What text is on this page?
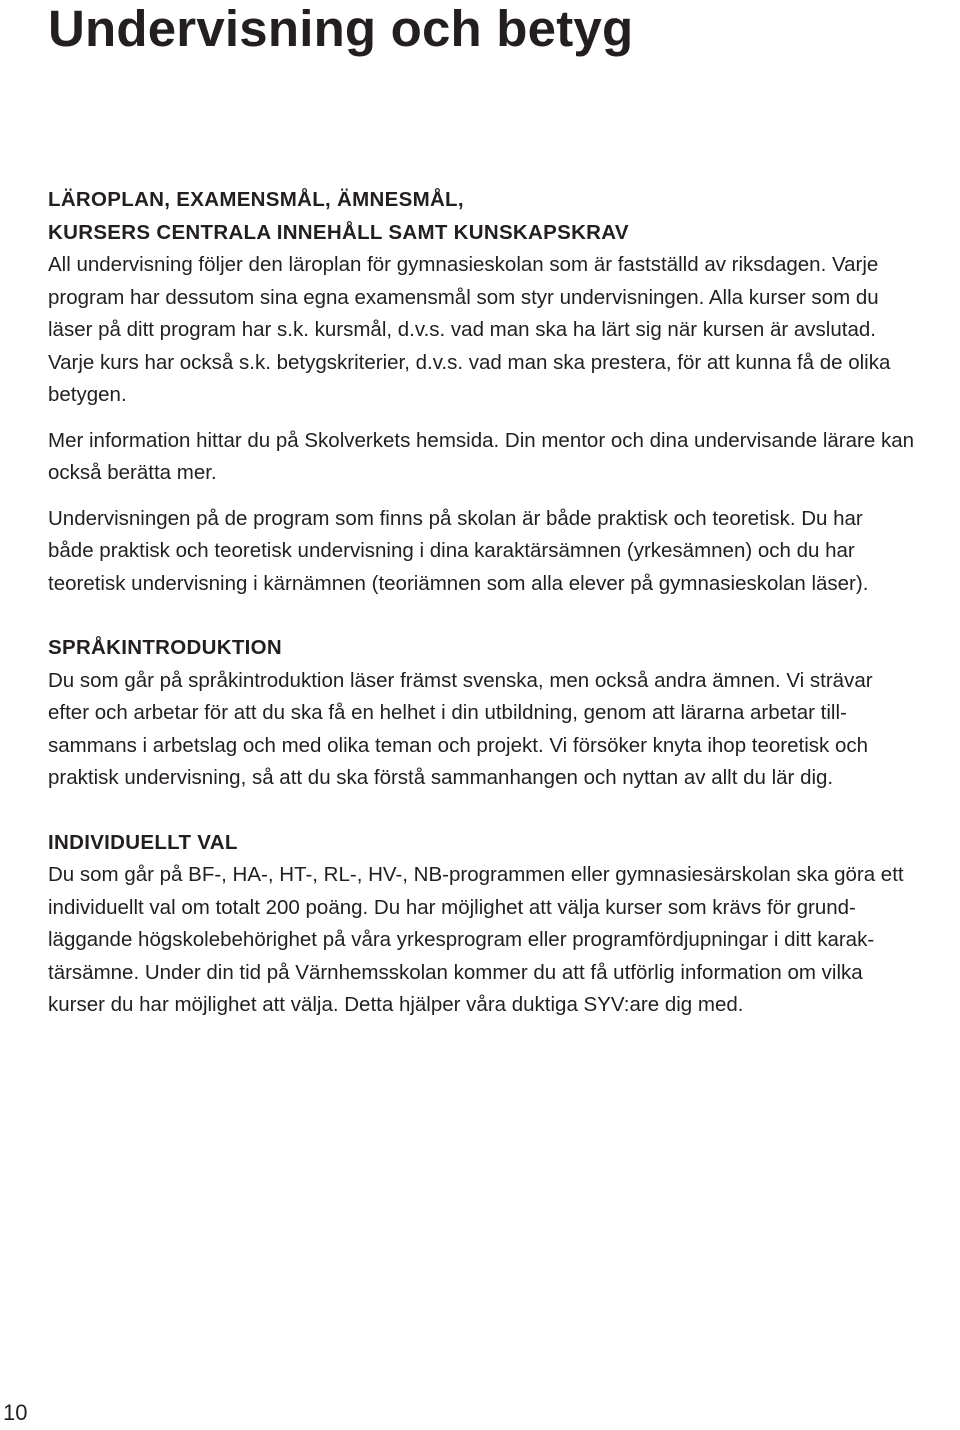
Undervisning och betyg
LÄROPLAN, EXAMENSMÅL, ÄMNESMÅL,
KURSERS CENTRALA INNEHÅLL SAMT KUNSKAPSKRAV

All undervisning följer den läroplan för gymnasieskolan som är fastställd av riksdagen. Varje program har dessutom sina egna examensmål som styr undervisningen. Alla kurser som du läser på ditt program har s.k. kursmål, d.v.s. vad man ska ha lärt sig när kursen är avslutad. Varje kurs har också s.k. betygskriterier, d.v.s. vad man ska prestera, för att kunna få de olika betygen.

Mer information hittar du på Skolverkets hemsida. Din mentor och dina undervisande lärare kan också berätta mer.

Undervisningen på de program som finns på skolan är både praktisk och teoretisk. Du har både praktisk och teoretisk undervisning i dina karaktärsämnen (yrkesämnen) och du har teoretisk undervisning i kärnämnen (teoriämnen som alla elever på gymnasieskolan läser).

SPRÅKINTRODUKTION

Du som går på språkintroduktion läser främst svenska, men också andra ämnen. Vi strävar efter och arbetar för att du ska få en helhet i din utbildning, genom att lärarna arbetar tillsammans i arbetslag och med olika teman och projekt. Vi försöker knyta ihop teoretisk och praktisk undervisning, så att du ska förstå sammanhangen och nyttan av allt du lär dig.

INDIVIDUELLT VAL

Du som går på BF-, HA-, HT-, RL-, HV-, NB-programmen eller gymnasiesärskolan ska göra ett individuellt val om totalt 200 poäng. Du har möjlighet att välja kurser som krävs för grundläggande högskolebehörighet på våra yrkesprogram eller programfördjupningar i ditt karaktärsämne. Under din tid på Värnhemsskolan kommer du att få utförlig information om vilka kurser du har möjlighet att välja. Detta hjälper våra duktiga SYV:are dig med.

10
